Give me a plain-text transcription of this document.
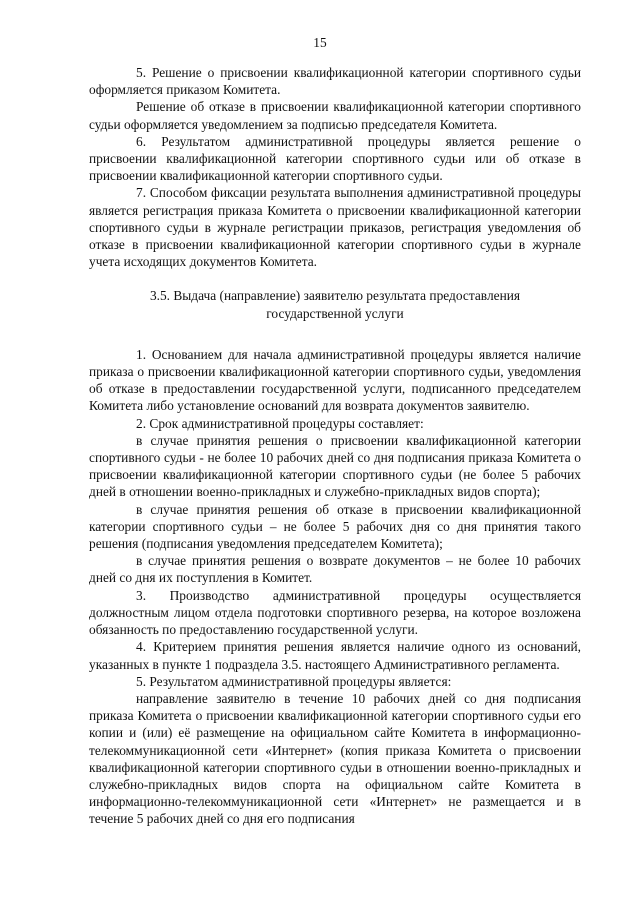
15

5. Решение о присвоении квалификационной категории спортивного судьи оформляется приказом Комитета.

Решение об отказе в присвоении квалификационной категории спортивного судьи оформляется уведомлением за подписью председателя Комитета.

6. Результатом административной процедуры является решение о присвоении квалификационной категории спортивного судьи или об отказе в присвоении квалификационной категории спортивного судьи.

7. Способом фиксации результата выполнения административной процедуры является регистрация приказа Комитета о присвоении квалификационной категории спортивного судьи в журнале регистрации приказов, регистрация уведомления об отказе в присвоении квалификационной категории спортивного судьи в журнале учета исходящих документов Комитета.

3.5. Выдача (направление) заявителю результата предоставления
государственной услуги

1. Основанием для начала административной процедуры является наличие приказа о присвоении квалификационной категории спортивного судьи, уведомления об отказе в предоставлении государственной услуги, подписанного председателем Комитета либо установление оснований для возврата документов заявителю.

2. Срок административной процедуры составляет:

в случае принятия решения о присвоении квалификационной категории спортивного судьи - не более 10 рабочих дней со дня подписания приказа Комитета о присвоении квалификационной категории спортивного судьи (не более 5 рабочих дней в отношении военно-прикладных и служебно-прикладных видов спорта);

в случае принятия решения об отказе в присвоении квалификационной категории спортивного судьи – не более 5 рабочих дня со дня принятия такого решения (подписания уведомления председателем Комитета);

в случае принятия решения о возврате документов – не более 10 рабочих дней со дня их поступления в Комитет.

3. Производство административной процедуры осуществляется должностным лицом отдела подготовки спортивного резерва, на которое возложена обязанность по предоставлению государственной услуги.

4. Критерием принятия решения является наличие одного из оснований, указанных в пункте 1 подраздела 3.5. настоящего Административного регламента.

5. Результатом административной процедуры является:

направление заявителю в течение 10 рабочих дней со дня подписания приказа Комитета о присвоении квалификационной категории спортивного судьи его копии и (или) её размещение на официальном сайте Комитета в информационно-телекоммуникационной сети «Интернет» (копия приказа Комитета о присвоении квалификационной категории спортивного судьи в отношении военно-прикладных и служебно-прикладных видов спорта на официальном сайте Комитета в информационно-телекоммуникационной сети «Интернет» не размещается и в течение 5 рабочих дней со дня его подписания
